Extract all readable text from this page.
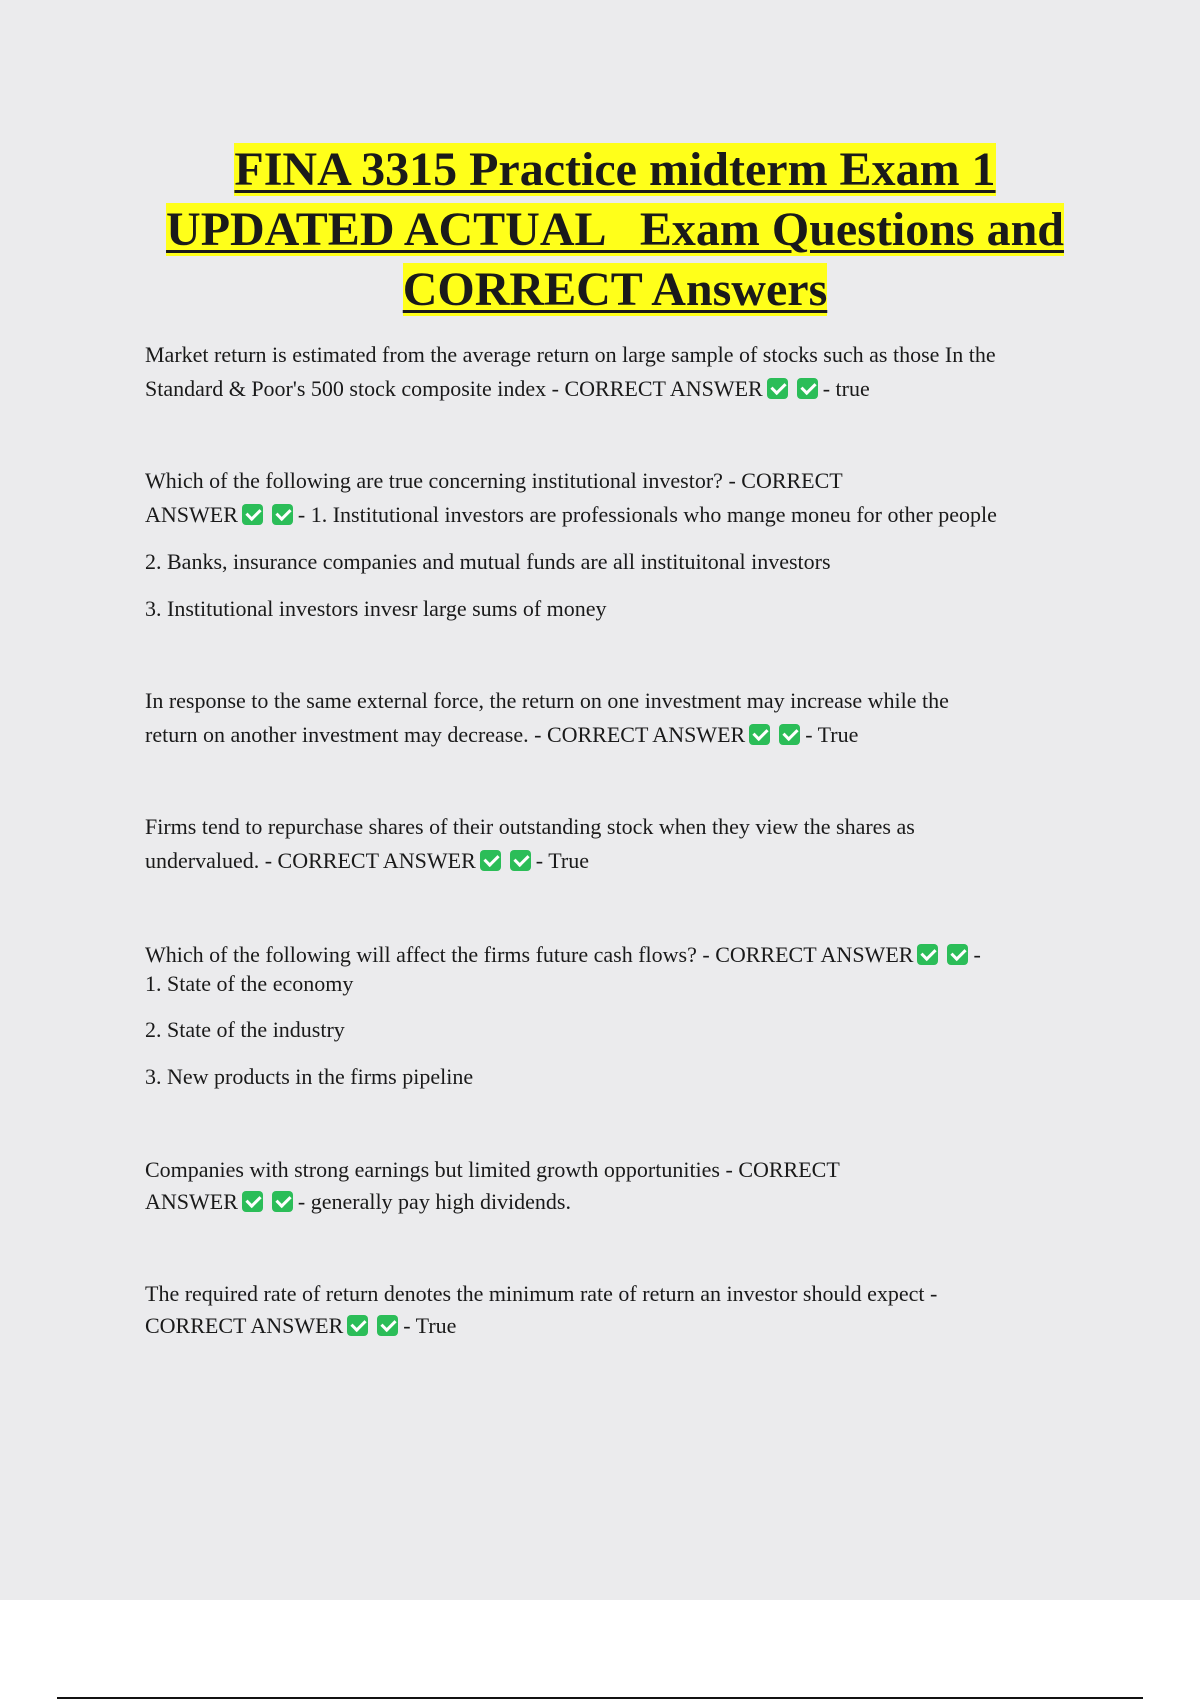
FINA 3315 Practice midterm Exam 1
UPDATED ACTUAL   Exam Questions and
CORRECT Answers

Market return is estimated from the average return on large sample of stocks such as those In the
Standard & Poor's 500 stock composite index - CORRECT ANSWER	- true

Which of the following are true concerning institutional investor? - CORRECT
ANSWER	- 1. Institutional investors are professionals who mange moneu for other people

2. Banks, insurance companies and mutual funds are all instituitonal investors

3. Institutional investors invesr large sums of money

In response to the same external force, the return on one investment may increase while the
return on another investment may decrease. - CORRECT ANSWER	- True

Firms tend to repurchase shares of their outstanding stock when they view the shares as
undervalued. - CORRECT ANSWER	- True

Which of the following will affect the firms future cash flows? - CORRECT ANSWER	-

1. State of the economy

2. State of the industry

3. New products in the firms pipeline

Companies with strong earnings but limited growth opportunities - CORRECT
ANSWER	- generally pay high dividends.

The required rate of return denotes the minimum rate of return an investor should expect -
CORRECT ANSWER	- True
